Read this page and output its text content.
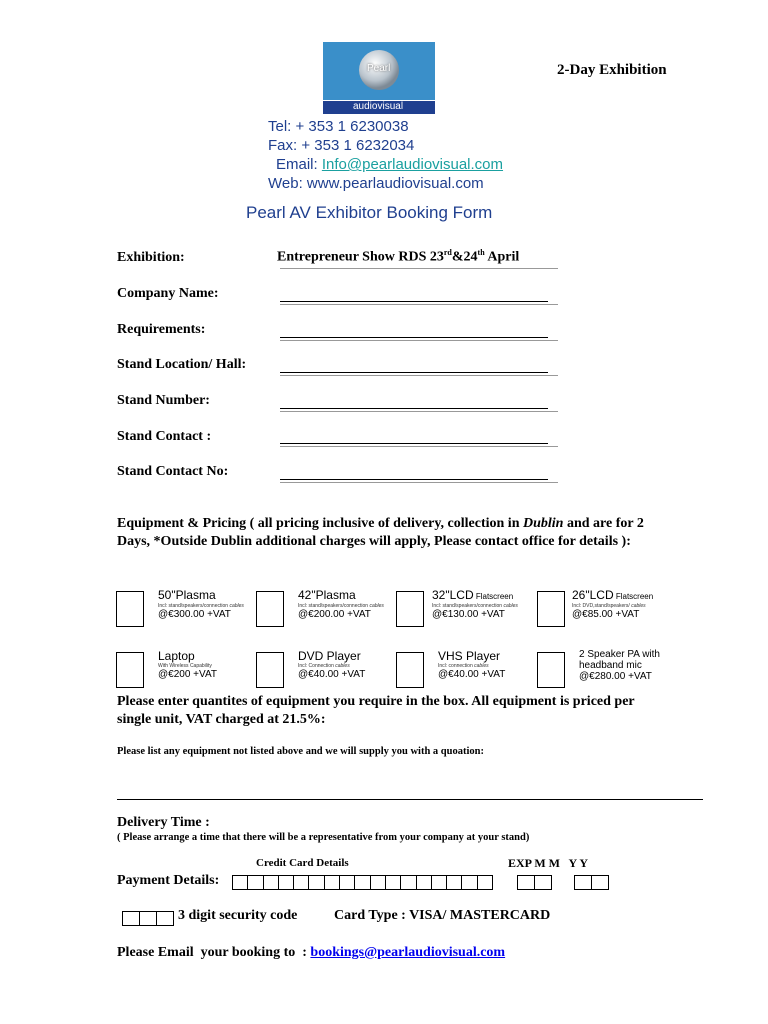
Pearl
audiovisual
Tel: + 353 1 6230038
Fax: + 353 1 6232034
Email: Info@pearlaudiovisual.com
Web: www.pearlaudiovisual.com
Pearl AV Exhibitor Booking Form
2-Day Exhibition
Exhibition:	Entrepreneur Show RDS 23rd&24th April
Company Name:
Requirements:
Stand Location/ Hall:
Stand Number:
Stand Contact :
Stand Contact No:
Equipment & Pricing ( all pricing inclusive of delivery, collection in Dublin and are for 2 Days, *Outside Dublin additional charges will apply, Please contact office for details ):
50"Plasma
Incl: stand/speakers/connection cables
@€300.00 +VAT
42"Plasma
Incl: stand/speakers/connection cables
@€200.00 +VAT
32"LCD Flatscreen
Incl: stand/speakers/connection cables
@€130.00 +VAT
26"LCD Flatscreen
Incl: DVD,stand/speakers/ cables
@€85.00 +VAT
Laptop
With Wireless Capability
@€200 +VAT
DVD Player
Incl: Connection cables
@€40.00 +VAT
VHS Player
Incl: connection cables
@€40.00 +VAT
2 Speaker PA with
headband mic
@€280.00 +VAT
Please enter quantites of equipment you require in the box. All equipment is priced per single unit, VAT charged at 21.5%:
Please list any equipment not listed above and we will supply you with a quoation:
Delivery Time :
( Please arrange a time that there will be a representative from your company at your stand)
Credit Card Details	EXP M M   Y Y
Payment Details:
3 digit security code	Card Type : VISA/ MASTERCARD
Please Email  your booking to  : bookings@pearlaudiovisual.com
